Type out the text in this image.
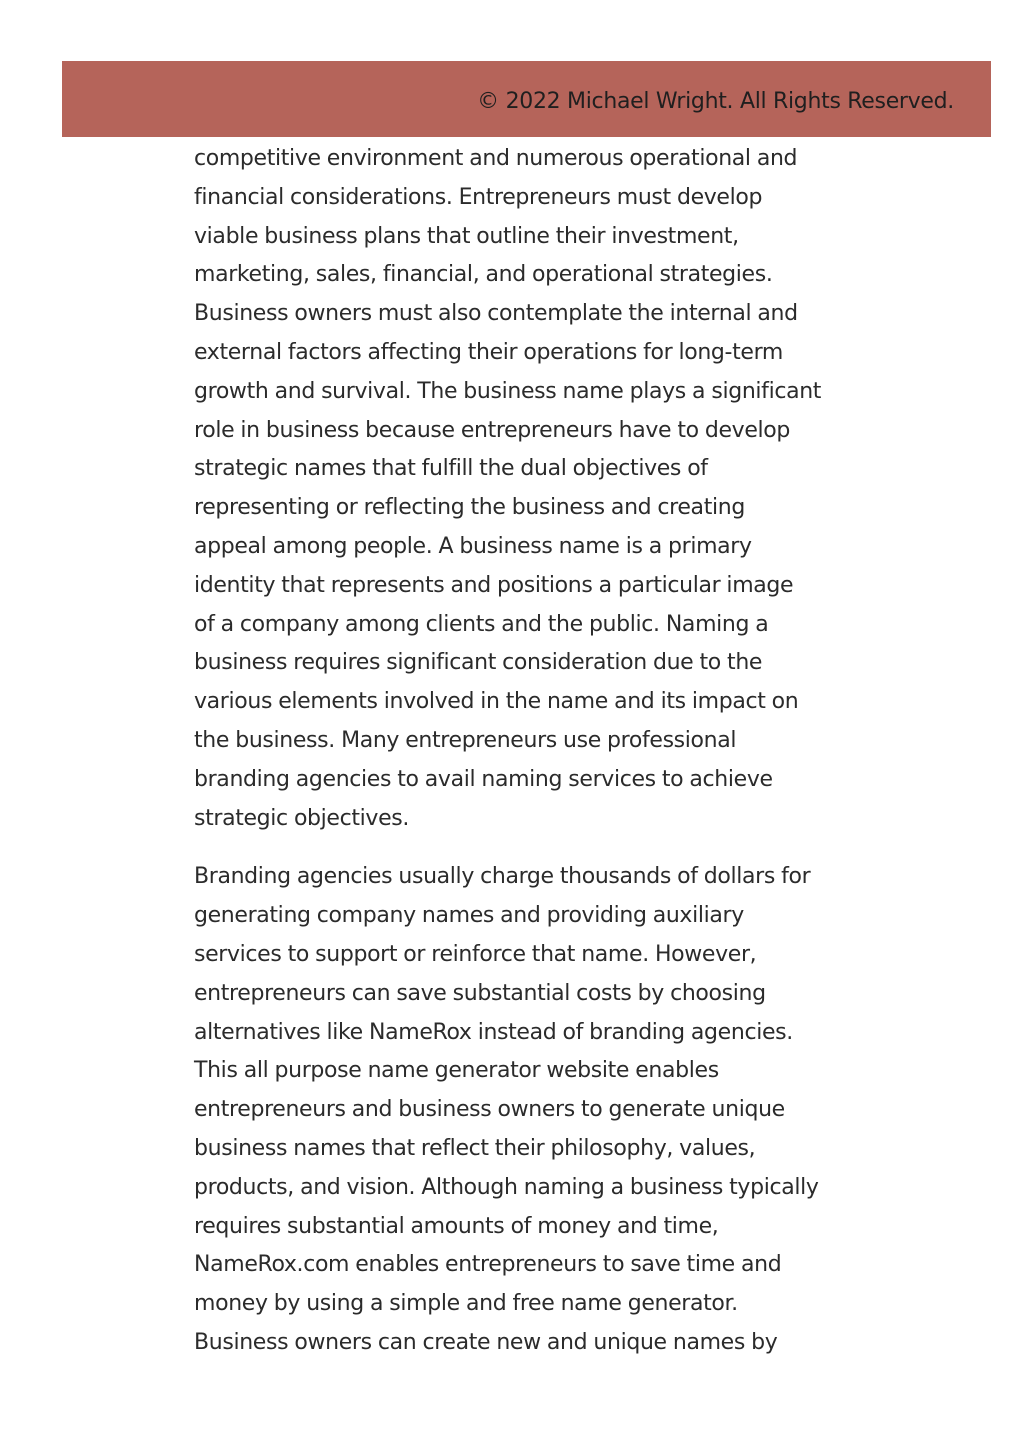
© 2022 Michael Wright. All Rights Reserved.

competitive environment and numerous operational and
financial considerations. Entrepreneurs must develop
viable business plans that outline their investment,
marketing, sales, financial, and operational strategies.
Business owners must also contemplate the internal and
external factors affecting their operations for long-term
growth and survival. The business name plays a significant
role in business because entrepreneurs have to develop
strategic names that fulfill the dual objectives of
representing or reflecting the business and creating
appeal among people. A business name is a primary
identity that represents and positions a particular image
of a company among clients and the public. Naming a
business requires significant consideration due to the
various elements involved in the name and its impact on
the business. Many entrepreneurs use professional
branding agencies to avail naming services to achieve
strategic objectives.

Branding agencies usually charge thousands of dollars for
generating company names and providing auxiliary
services to support or reinforce that name. However,
entrepreneurs can save substantial costs by choosing
alternatives like NameRox instead of branding agencies.
This all purpose name generator website enables
entrepreneurs and business owners to generate unique
business names that reflect their philosophy, values,
products, and vision. Although naming a business typically
requires substantial amounts of money and time,
NameRox.com enables entrepreneurs to save time and
money by using a simple and free name generator.
Business owners can create new and unique names by
